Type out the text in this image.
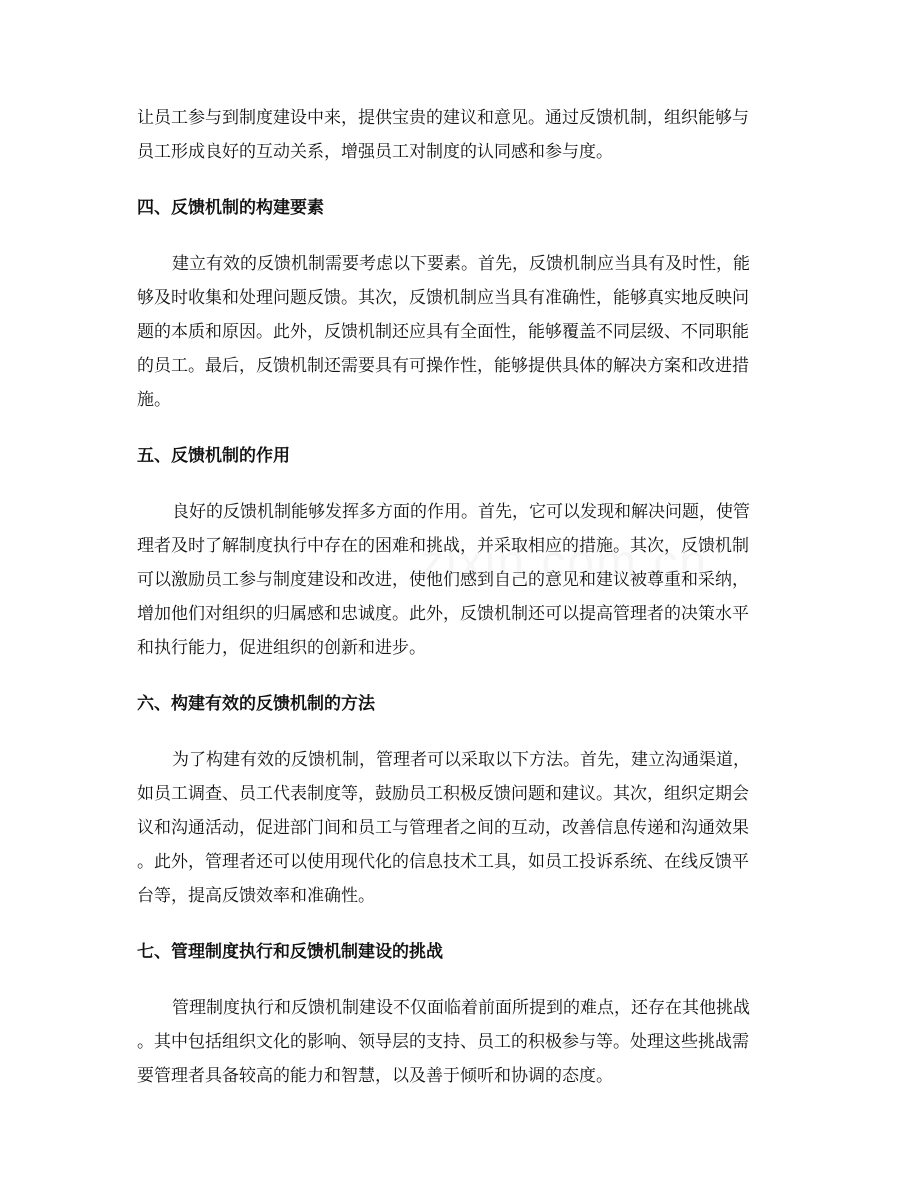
让员工参与到制度建设中来，提供宝贵的建议和意见。通过反馈机制，组织能够与
员工形成良好的互动关系，增强员工对制度的认同感和参与度。

四、反馈机制的构建要素

建立有效的反馈机制需要考虑以下要素。首先，反馈机制应当具有及时性，能
够及时收集和处理问题反馈。其次，反馈机制应当具有准确性，能够真实地反映问
题的本质和原因。此外，反馈机制还应具有全面性，能够覆盖不同层级、不同职能
的员工。最后，反馈机制还需要具有可操作性，能够提供具体的解决方案和改进措
施。

五、反馈机制的作用

良好的反馈机制能够发挥多方面的作用。首先，它可以发现和解决问题，使管
理者及时了解制度执行中存在的困难和挑战，并采取相应的措施。其次，反馈机制
可以激励员工参与制度建设和改进，使他们感到自己的意见和建议被尊重和采纳，
增加他们对组织的归属感和忠诚度。此外，反馈机制还可以提高管理者的决策水平
和执行能力，促进组织的创新和进步。

六、构建有效的反馈机制的方法

为了构建有效的反馈机制，管理者可以采取以下方法。首先，建立沟通渠道，
如员工调查、员工代表制度等，鼓励员工积极反馈问题和建议。其次，组织定期会
议和沟通活动，促进部门间和员工与管理者之间的互动，改善信息传递和沟通效果
。此外，管理者还可以使用现代化的信息技术工具，如员工投诉系统、在线反馈平
台等，提高反馈效率和准确性。

七、管理制度执行和反馈机制建设的挑战

管理制度执行和反馈机制建设不仅面临着前面所提到的难点，还存在其他挑战
。其中包括组织文化的影响、领导层的支持、员工的积极参与等。处理这些挑战需
要管理者具备较高的能力和智慧，以及善于倾听和协调的态度。
